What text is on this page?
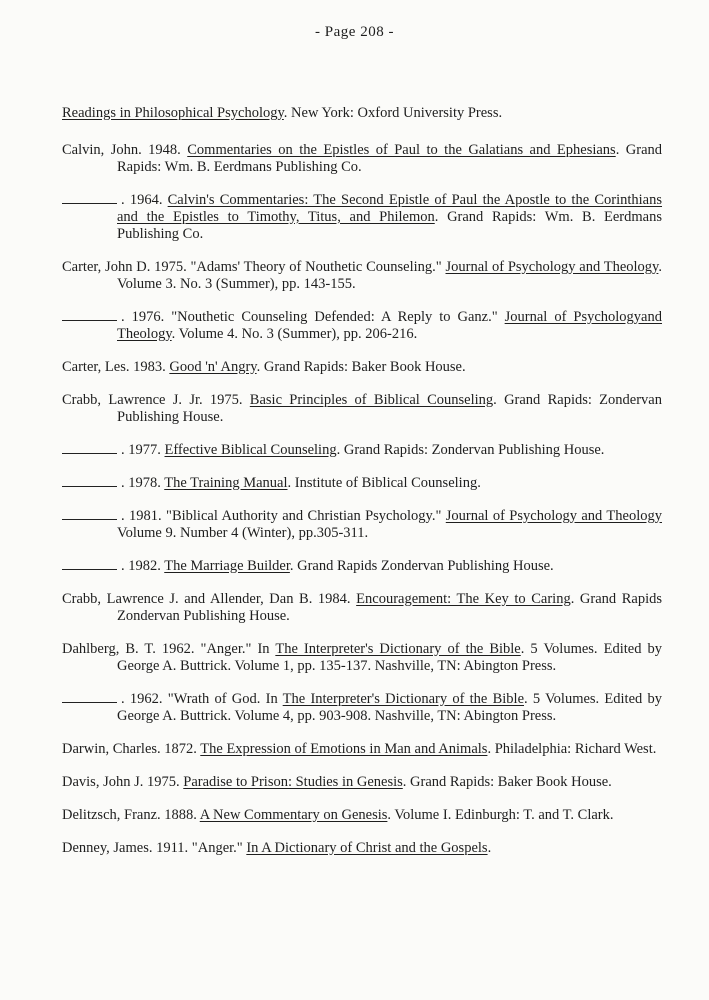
- Page 208 -

Readings in Philosophical Psychology. New York: Oxford University Press.

Calvin, John. 1948. Commentaries on the Epistles of Paul to the Galatians and Ephesians. Grand Rapids: Wm. B. Eerdmans Publishing Co.

. 1964. Calvin's Commentaries: The Second Epistle of Paul the Apostle to the Corinthians and the Epistles to Timothy, Titus, and Philemon. Grand Rapids: Wm. B. Eerdmans Publishing Co.

Carter, John D. 1975. "Adams' Theory of Nouthetic Counseling." Journal of Psychology and Theology. Volume 3. No. 3 (Summer), pp. 143-155.

. 1976. "Nouthetic Counseling Defended: A Reply to Ganz." Journal of Psychologyand Theology. Volume 4. No. 3 (Summer), pp. 206-216.

Carter, Les. 1983. Good 'n' Angry. Grand Rapids: Baker Book House.

Crabb, Lawrence J. Jr. 1975. Basic Principles of Biblical Counseling. Grand Rapids: Zondervan Publishing House.

. 1977. Effective Biblical Counseling. Grand Rapids: Zondervan Publishing House.

. 1978. The Training Manual. Institute of Biblical Counseling.

. 1981. "Biblical Authority and Christian Psychology." Journal of Psychology and Theology Volume 9. Number 4 (Winter), pp.305-311.

. 1982. The Marriage Builder. Grand Rapids Zondervan Publishing House.

Crabb, Lawrence J. and Allender, Dan B. 1984. Encouragement: The Key to Caring. Grand Rapids Zondervan Publishing House.

Dahlberg, B. T. 1962. "Anger." In The Interpreter's Dictionary of the Bible. 5 Volumes. Edited by George A. Buttrick. Volume 1, pp. 135-137. Nashville, TN: Abington Press.

. 1962. "Wrath of God. In The Interpreter's Dictionary of the Bible. 5 Volumes. Edited by George A. Buttrick. Volume 4, pp. 903-908. Nashville, TN: Abington Press.

Darwin, Charles. 1872. The Expression of Emotions in Man and Animals. Philadelphia: Richard West.

Davis, John J. 1975. Paradise to Prison: Studies in Genesis. Grand Rapids: Baker Book House.

Delitzsch, Franz. 1888. A New Commentary on Genesis. Volume I. Edinburgh: T. and T. Clark.

Denney, James. 1911. "Anger." In A Dictionary of Christ and the Gospels.
